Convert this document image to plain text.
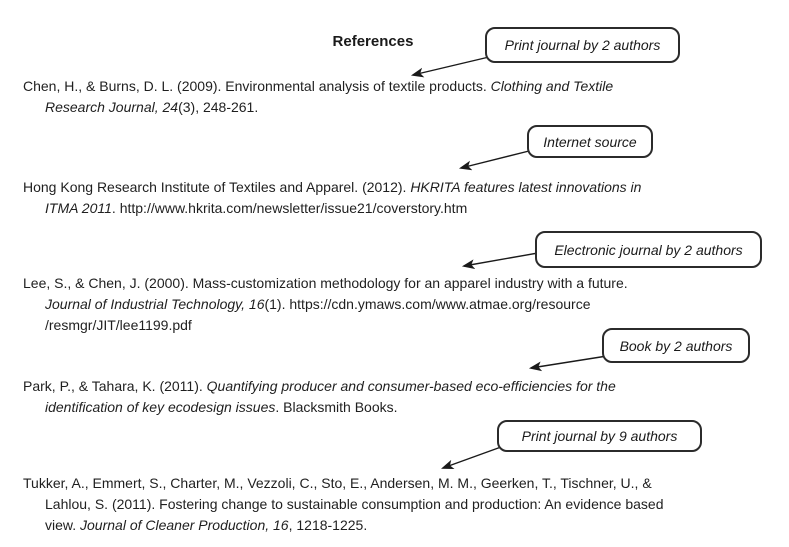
References
Chen, H., & Burns, D. L. (2009). Environmental analysis of textile products. Clothing and Textile
Research Journal, 24(3), 248-261.
Hong Kong Research Institute of Textiles and Apparel. (2012). HKRITA features latest innovations in
ITMA 2011. http://www.hkrita.com/newsletter/issue21/coverstory.htm
Lee, S., & Chen, J. (2000). Mass-customization methodology for an apparel industry with a future.
Journal of Industrial Technology, 16(1). https://cdn.ymaws.com/www.atmae.org/resource
/resmgr/JIT/lee1199.pdf
Park, P., & Tahara, K. (2011). Quantifying producer and consumer-based eco-efficiencies for the
identification of key ecodesign issues. Blacksmith Books.
Tukker, A., Emmert, S., Charter, M., Vezzoli, C., Sto, E., Andersen, M. M., Geerken, T., Tischner, U., &
Lahlou, S. (2011). Fostering change to sustainable consumption and production: An evidence based
view. Journal of Cleaner Production, 16, 1218-1225.
Print journal by 2 authors
Internet source
Electronic journal by 2 authors
Book by 2 authors
Print journal by 9 authors
